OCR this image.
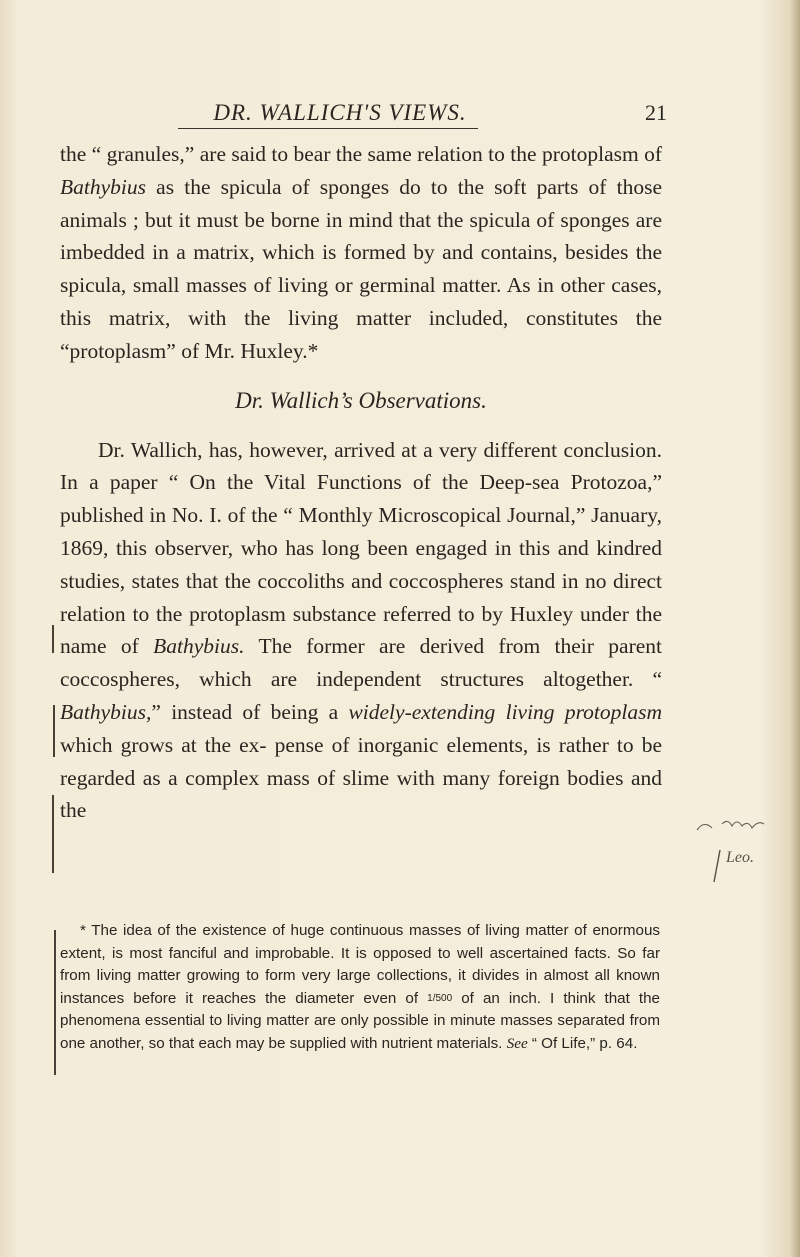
DR. WALLICH'S VIEWS.	21

the “ granules,” are said to bear the same relation to the protoplasm of Bathybius as the spicula of sponges do to the soft parts of those animals ; but it must be borne in mind that the spicula of sponges are imbedded in a matrix, which is formed by and contains, besides the spicula, small masses of living or germinal matter. As in other cases, this matrix, with the living matter included, constitutes the “protoplasm” of Mr. Huxley.*

Dr. Wallich’s Observations.

Dr. Wallich, has, however, arrived at a very different conclusion. In a paper “ On the Vital Functions of the Deep-sea Protozoa,” published in No. I. of the “ Monthly Microscopical Journal,” January, 1869, this observer, who has long been engaged in this and kindred studies, states that the coccoliths and coccospheres stand in no direct relation to the protoplasm substance referred to by Huxley under the name of Bathybius. The former are derived from their parent coccospheres, which are independent structures altogether. “ Bathybius,” instead of being a widely-extending living protoplasm which grows at the ex- pense of inorganic elements, is rather to be regarded as a complex mass of slime with many foreign bodies and the

* The idea of the existence of huge continuous masses of living matter of enormous extent, is most fanciful and improbable. It is opposed to well ascertained facts. So far from living matter growing to form very large collections, it divides in almost all known instances before it reaches the diameter even of 1/500 of an inch. I think that the phenomena essential to living matter are only possible in minute masses separated from one another, so that each may be supplied with nutrient materials. See “ Of Life,” p. 64.

Leo.
